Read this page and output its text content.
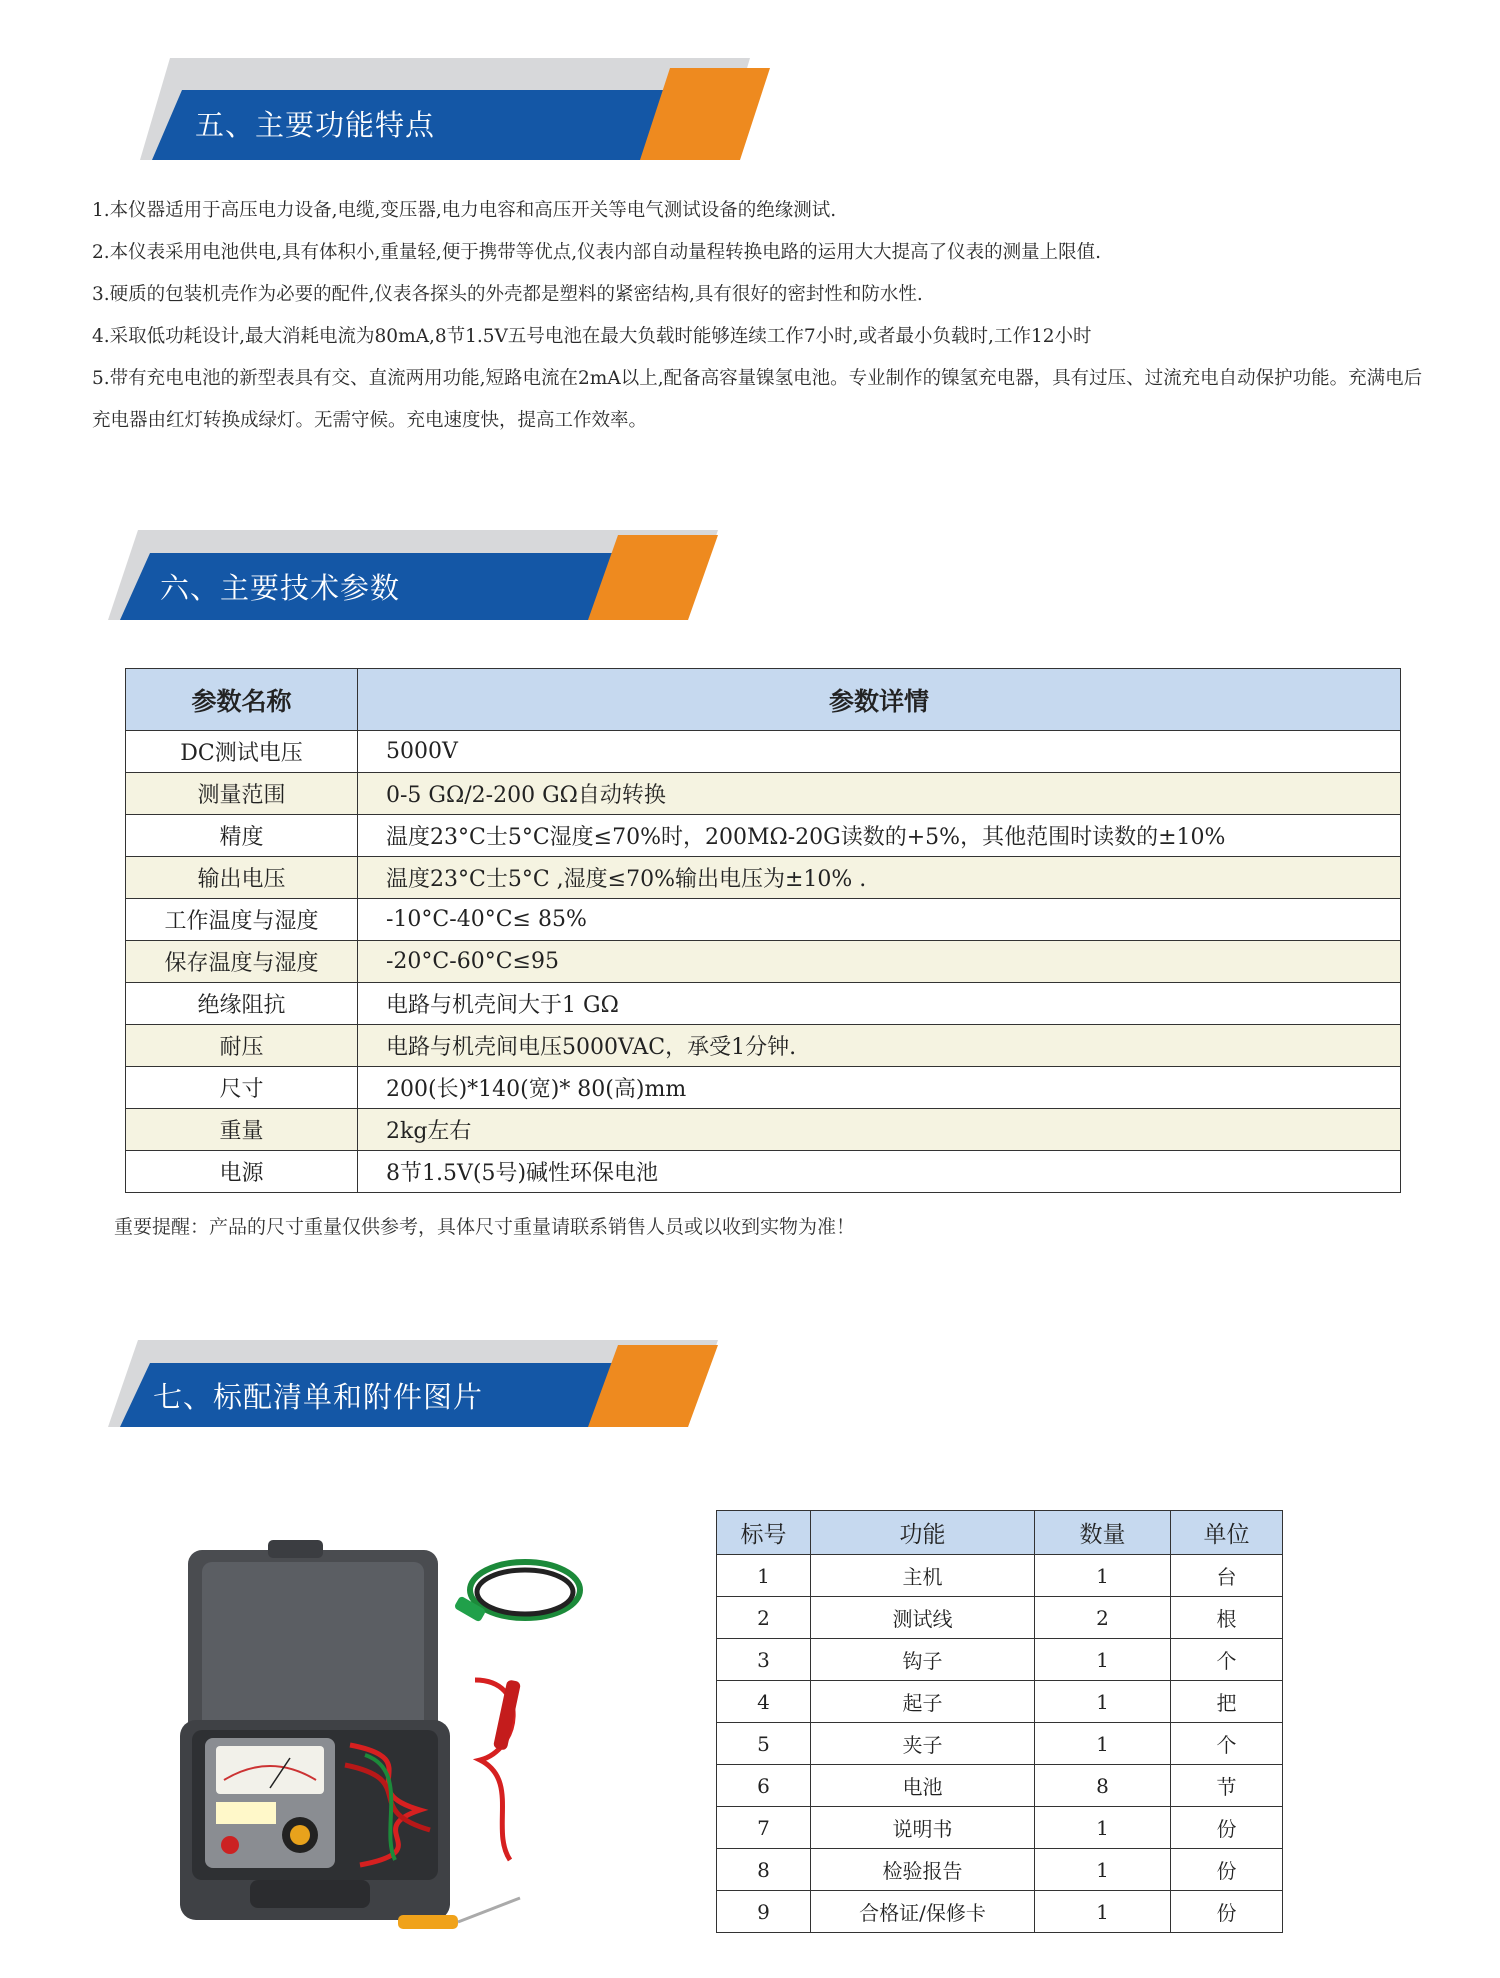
五、主要功能特点

1.本仪器适用于高压电力设备,电缆,变压器,电力电容和高压开关等电气测试设备的绝缘测试.

2.本仪表采用电池供电,具有体积小,重量轻,便于携带等优点,仪表内部自动量程转换电路的运用大大提高了仪表的测量上限值.

3.硬质的包装机壳作为必要的配件,仪表各探头的外壳都是塑料的紧密结构,具有很好的密封性和防水性.

4.采取低功耗设计,最大消耗电流为80mA,8节1.5V五号电池在最大负载时能够连续工作7小时,或者最小负载时,工作12小时

5.带有充电电池的新型表具有交、直流两用功能,短路电流在2mA以上,配备高容量镍氢电池。专业制作的镍氢充电器，具有过压、过流充电自动保护功能。充满电后充电器由红灯转换成绿灯。无需守候。充电速度快，提高工作效率。

六、主要技术参数
参数名称	参数详情
DC测试电压	5000V
测量范围	0-5 GΩ/2-200 GΩ自动转换
精度	温度23°C士5°C湿度≤70%时，200MΩ-20G读数的+5%，其他范围时读数的±10%
输出电压	温度23°C士5°C ,湿度≤70%输出电压为±10% .
工作温度与湿度	-10°C-40°C≤ 85%
保存温度与湿度	-20°C-60°C≤95
绝缘阻抗	电路与机壳间大于1 GΩ
耐压	电路与机壳间电压5000VAC，承受1分钟.
尺寸	200(长)*140(宽)* 80(高)mm
重量	2kg左右
电源	8节1.5V(5号)碱性环保电池
重要提醒：产品的尺寸重量仅供参考，具体尺寸重量请联系销售人员或以收到实物为准！
七、标配清单和附件图片
标号	功能	数量	单位
1	主机	1	台
2	测试线	2	根
3	钩子	1	个
4	起子	1	把
5	夹子	1	个
6	电池	8	节
7	说明书	1	份
8	检验报告	1	份
9	合格证/保修卡	1	份
